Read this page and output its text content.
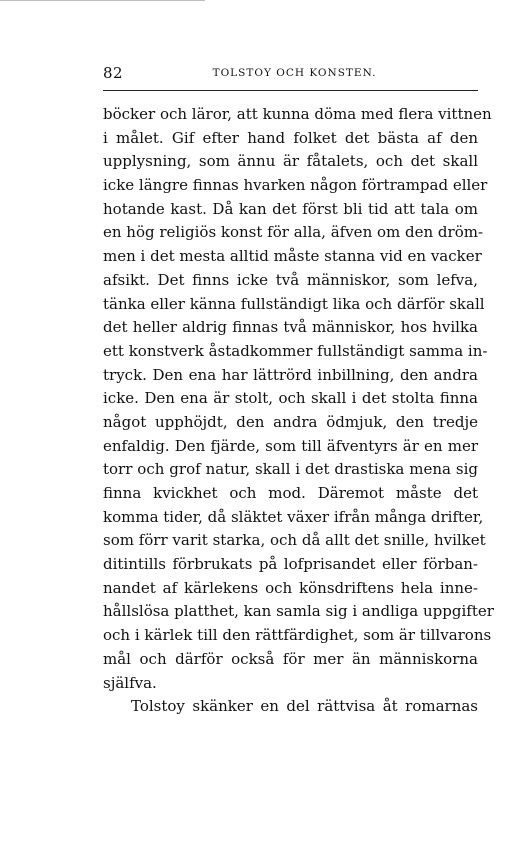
82	TOLSTOY OCH KONSTEN.
böcker och läror, att kunna döma med flera vittnen
i målet. Gif efter hand folket det bästa af den
upplysning, som ännu är fåtalets, och det skall
icke längre finnas hvarken någon förtrampad eller
hotande kast. Då kan det först bli tid att tala om
en hög religiös konst för alla, äfven om den dröm-
men i det mesta alltid måste stanna vid en vacker
afsikt. Det finns icke två människor, som lefva,
tänka eller känna fullständigt lika och därför skall
det heller aldrig finnas två människor, hos hvilka
ett konstverk åstadkommer fullständigt samma in-
tryck. Den ena har lättrörd inbillning, den andra
icke. Den ena är stolt, och skall i det stolta finna
något upphöjdt, den andra ödmjuk, den tredje
enfaldig. Den fjärde, som till äfventyrs är en mer
torr och grof natur, skall i det drastiska mena sig
finna kvickhet och mod. Däremot måste det
komma tider, då släktet växer ifrån många drifter,
som förr varit starka, och då allt det snille, hvilket
ditintills förbrukats på lofprisandet eller förban-
nandet af kärlekens och könsdriftens hela inne-
hållslösa platthet, kan samla sig i andliga uppgifter
och i kärlek till den rättfärdighet, som är tillvarons
mål och därför också för mer än människorna
själfva.
Tolstoy skänker en del rättvisa åt romarnas
